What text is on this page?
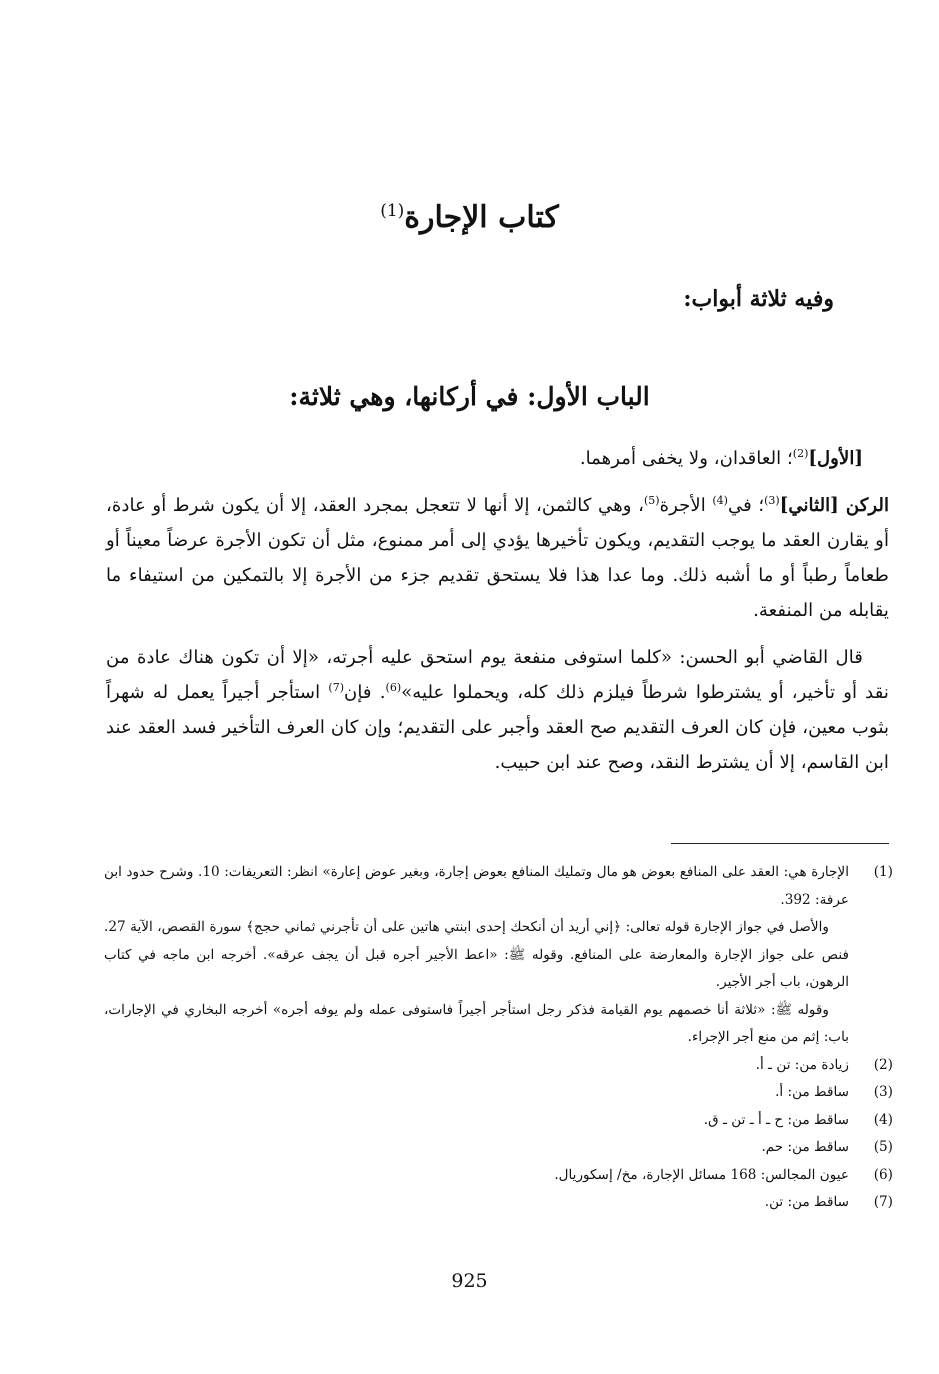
كتاب الإجارة$^{(1)}$
وفيه ثلاثة أبواب:
الباب الأول: في أركانها، وهي ثلاثة:

[الأول]$^{(2)}$؛ العاقدان، ولا يخفى أمرهما.

الركن [الثاني]$^{(3)}$؛ في$^{(4)}$ الأجرة$^{(5)}$، وهي كالثمن، إلا أنها لا تتعجل بمجرد العقد، إلا أن يكون شرط أو عادة، أو يقارن العقد ما يوجب التقديم، ويكون تأخيرها يؤدي إلى أمر ممنوع، مثل أن تكون الأجرة عرضاً معيناً أو طعاماً رطباً أو ما أشبه ذلك. وما عدا هذا فلا يستحق تقديم جزء من الأجرة إلا بالتمكين من استيفاء ما يقابله من المنفعة.

قال القاضي أبو الحسن: «كلما استوفى منفعة يوم استحق عليه أجرته، «إلا أن تكون هناك عادة من نقد أو تأخير، أو يشترطوا شرطاً فيلزم ذلك كله، ويحملوا عليه»$^{(6)}$. فإن$^{(7)}$ استأجر أجيراً يعمل له شهراً بثوب معين، فإن كان العرف التقديم صح العقد وأجبر على التقديم؛ وإن كان العرف التأخير فسد العقد عند ابن القاسم، إلا أن يشترط النقد، وصح عند ابن حبيب.

(1)
الإجارة هي: العقد على المنافع بعوض هو مال وتمليك المنافع بعوض إجارة، وبغير عوض إعارة» انظر: التعريفات: 10. وشرح حدود ابن عرفة: 392.
والأصل في جواز الإجارة قوله تعالى: ﴿إني أريد أن أنكحك إحدى ابنتي هاتين على أن تأجرني ثماني حجج﴾ سورة القصص، الآية 27. فنص على جواز الإجارة والمعارضة على المنافع. وقوله ﷺ: «اعط الأجير أجره قبل أن يجف عرقه». أخرجه ابن ماجه في كتاب الرهون، باب أجر الأجير.
وقوله ﷺ: «ثلاثة أنا خصمهم يوم القيامة فذكر رجل استأجر أجيراً فاستوفى عمله ولم يوفه أجره» أخرجه البخاري في الإجارات، باب: إثم من منع أجر الإجراء.
(2)
زيادة من: تن ـ أ.
(3)
ساقط من: أ.
(4)
ساقط من: ح ـ أ ـ تن ـ ق.
(5)
ساقط من: حم.
(6)
عيون المجالس: 168 مسائل الإجارة، مخ/ إسكوريال.
(7)
ساقط من: تن.
925
